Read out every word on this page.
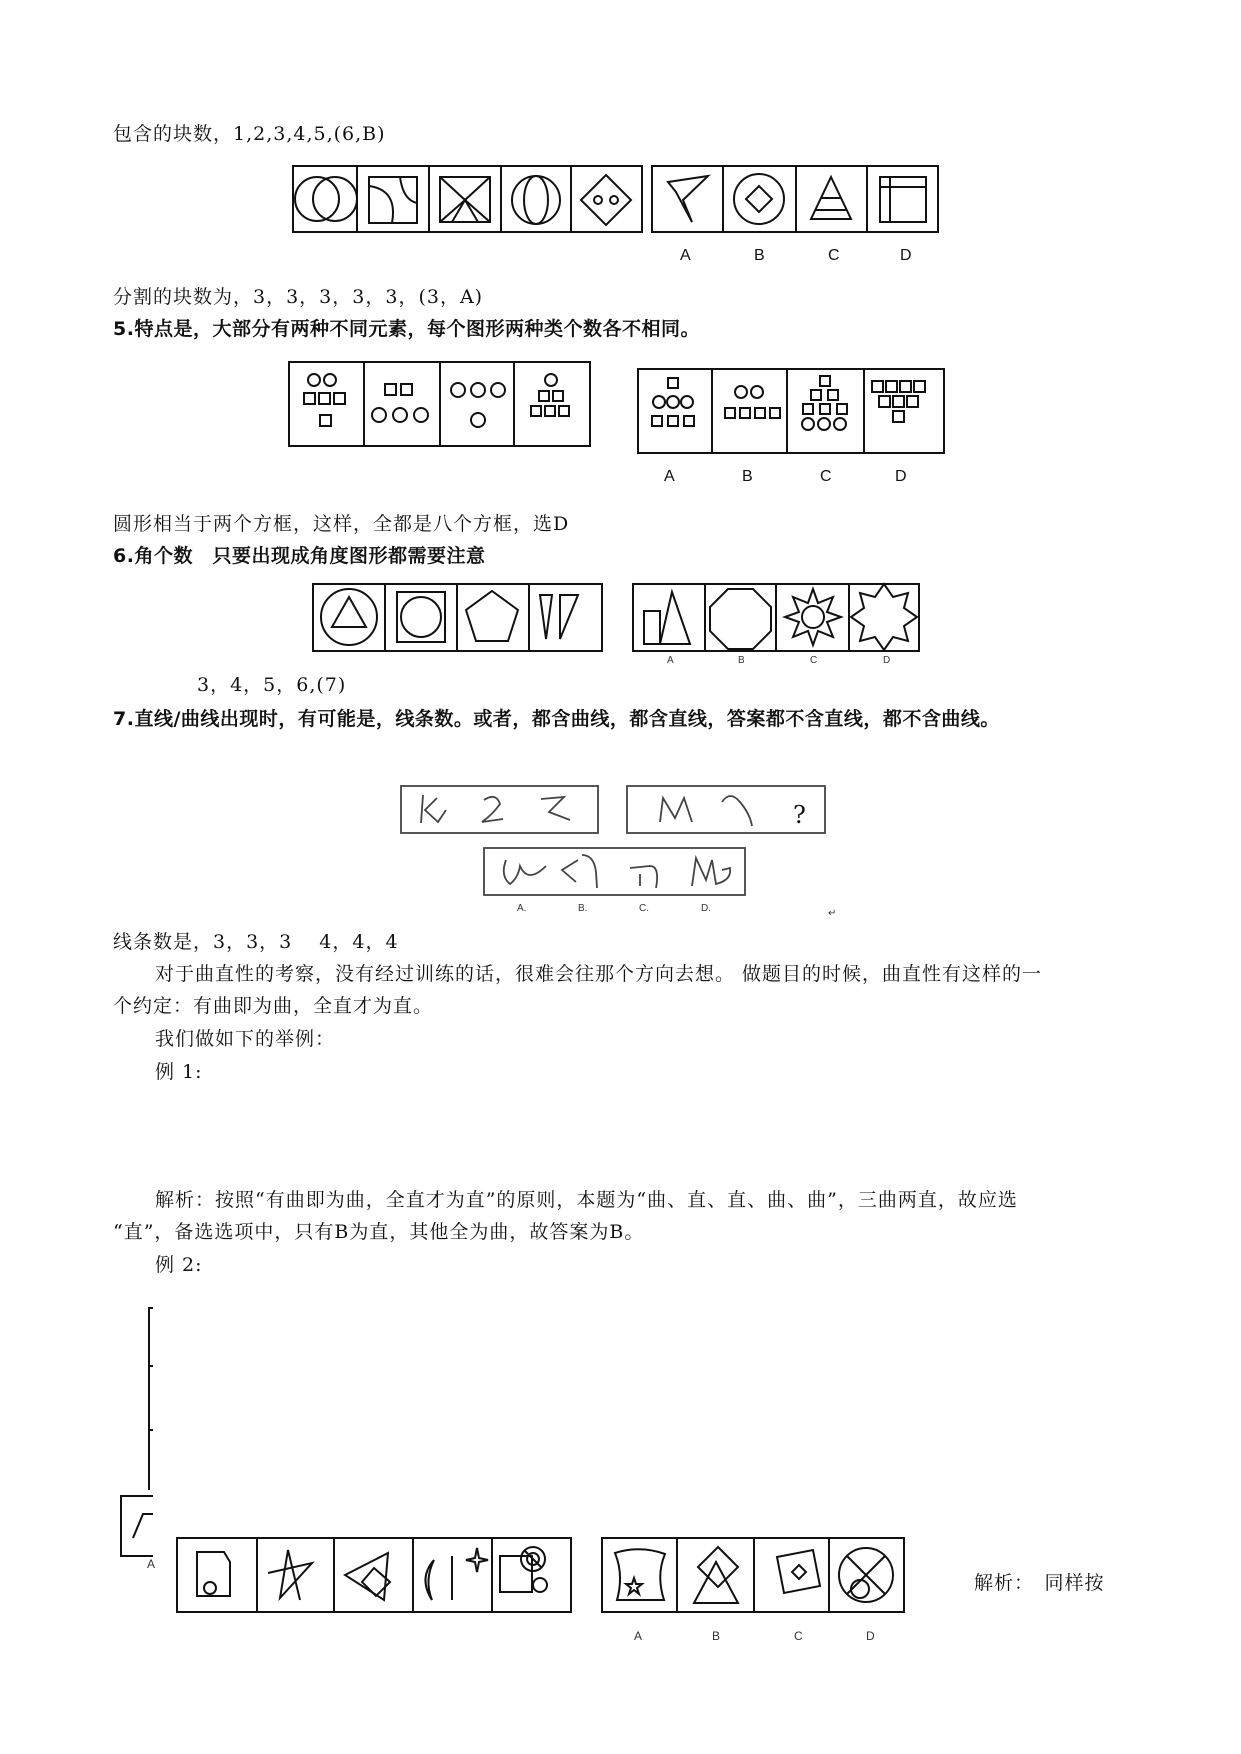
包含的块数，1,2,3,4,5,(6,B)
分割的块数为，3，3，3，3，3，(3，A)
5.特点是，大部分有两种不同元素，每个图形两种类个数各不相同。
圆形相当于两个方框，这样，全都是八个方框，选D
6.角个数　只要出现成角度图形都需要注意
3，4，5，6,(7)
7.直线/曲线出现时，有可能是，线条数。或者，都含曲线，都含直线，答案都不含直线，都不含曲线。
线条数是，3，3，3　 4，4，4
对于曲直性的考察，没有经过训练的话，很难会往那个方向去想。 做题目的时候，曲直性有这样的一
个约定：有曲即为曲，全直才为直。
我们做如下的举例：
例 1:
解析：按照“有曲即为曲，全直才为直”的原则，本题为“曲、直、直、曲、曲”，三曲两直，故应选
“直”，备选选项中，只有B为直，其他全为曲，故答案为B。
例 2:
解析：　同样按
A	B	C	D
A	B	C	D
A	B	C	D
?
A.	B.	C.	D.	↵
A
A	B	C	D
